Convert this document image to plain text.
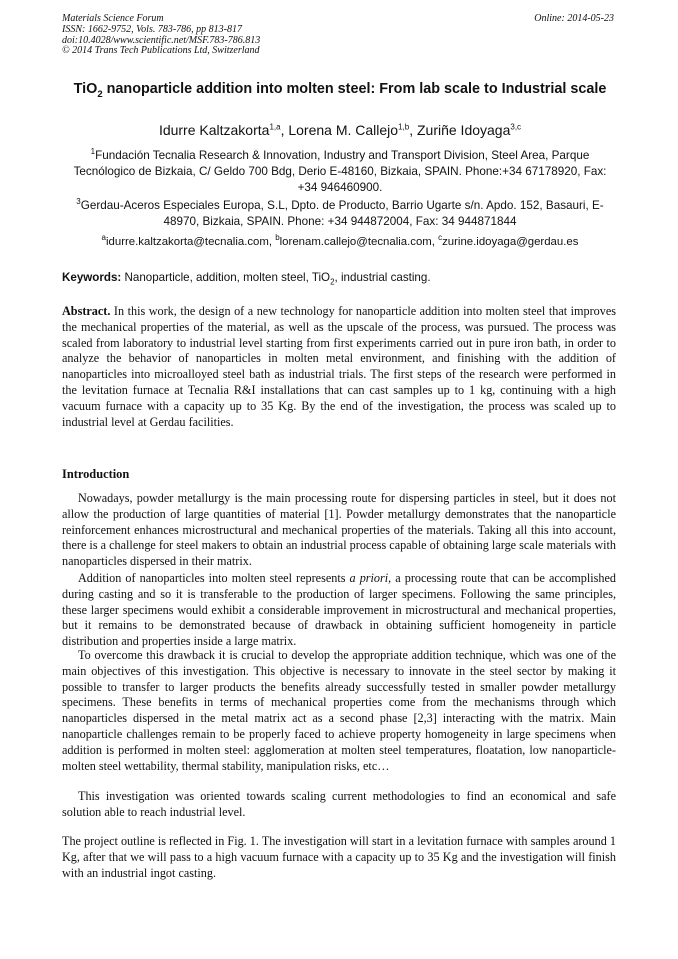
Materials Science Forum
ISSN: 1662-9752, Vols. 783-786, pp 813-817
doi:10.4028/www.scientific.net/MSF.783-786.813
© 2014 Trans Tech Publications Ltd, Switzerland
Online: 2014-05-23
TiO$_2$ nanoparticle addition into molten steel: From lab scale to Industrial scale
Idurre Kaltzakorta$^{1,a}$, Lorena M. Callejo$^{1,b}$, Zuriñe Idoyaga$^{3,c}$
$^1$Fundación Tecnalia Research & Innovation, Industry and Transport Division, Steel Area, Parque Tecnólogico de Bizkaia, C/ Geldo 700 Bdg, Derio E-48160, Bizkaia, SPAIN. Phone:+34 67178920, Fax: +34 946460900.
$^3$Gerdau-Aceros Especiales Europa, S.L, Dpto. de Producto, Barrio Ugarte s/n. Apdo. 152, Basauri, E-48970, Bizkaia, SPAIN. Phone: +34 944872004, Fax: 34 944871844
$^a$idurre.kaltzakorta@tecnalia.com, $^b$lorenam.callejo@tecnalia.com, $^c$zurine.idoyaga@gerdau.es
Keywords: Nanoparticle, addition, molten steel, TiO$_2$, industrial casting.

Abstract. In this work, the design of a new technology for nanoparticle addition into molten steel that improves the mechanical properties of the material, as well as the upscale of the process, was pursued. The process was scaled from laboratory to industrial level starting from first experiments carried out in pure iron bath, in order to analyze the behavior of nanoparticles in molten metal environment, and finishing with the addition of nanoparticles into microalloyed steel bath as industrial trials. The first steps of the research were performed in the levitation furnace at Tecnalia R&I installations that can cast samples up to 1 kg, continuing with a high vacuum furnace with a capacity up to 35 Kg. By the end of the investigation, the process was scaled up to industrial level at Gerdau facilities.

Introduction

Nowadays, powder metallurgy is the main processing route for dispersing particles in steel, but it does not allow the production of large quantities of material [1]. Powder metallurgy demonstrates that the nanoparticle reinforcement enhances microstructural and mechanical properties of the materials. Taking all this into account, there is a challenge for steel makers to obtain an industrial process capable of obtaining large scale materials with nanoparticles dispersed in their matrix.

Addition of nanoparticles into molten steel represents a priori, a processing route that can be accomplished during casting and so it is transferable to the production of larger specimens. Following the same principles, these larger specimens would exhibit a considerable improvement in microstructural and mechanical properties, but it remains to be demonstrated because of drawback in obtaining sufficient homogeneity in particle distribution and properties inside a large matrix.

To overcome this drawback it is crucial to develop the appropriate addition technique, which was one of the main objectives of this investigation. This objective is necessary to innovate in the steel sector by making it possible to transfer to larger products the benefits already successfully tested in smaller powder metallurgy specimens. These benefits in terms of mechanical properties come from the mechanisms through which nanoparticles dispersed in the metal matrix act as a second phase [2,3] interacting with the matrix. Main nanoparticle challenges remain to be properly faced to achieve property homogeneity in large specimens when addition is performed in molten steel: agglomeration at molten steel temperatures, floatation, low nanoparticle-molten steel wettability, thermal stability, manipulation risks, etc…

This investigation was oriented towards scaling current methodologies to find an economical and safe solution able to reach industrial level.

The project outline is reflected in Fig. 1. The investigation will start in a levitation furnace with samples around 1 Kg, after that we will pass to a high vacuum furnace with a capacity up to 35 Kg and the investigation will finish with an industrial ingot casting.
